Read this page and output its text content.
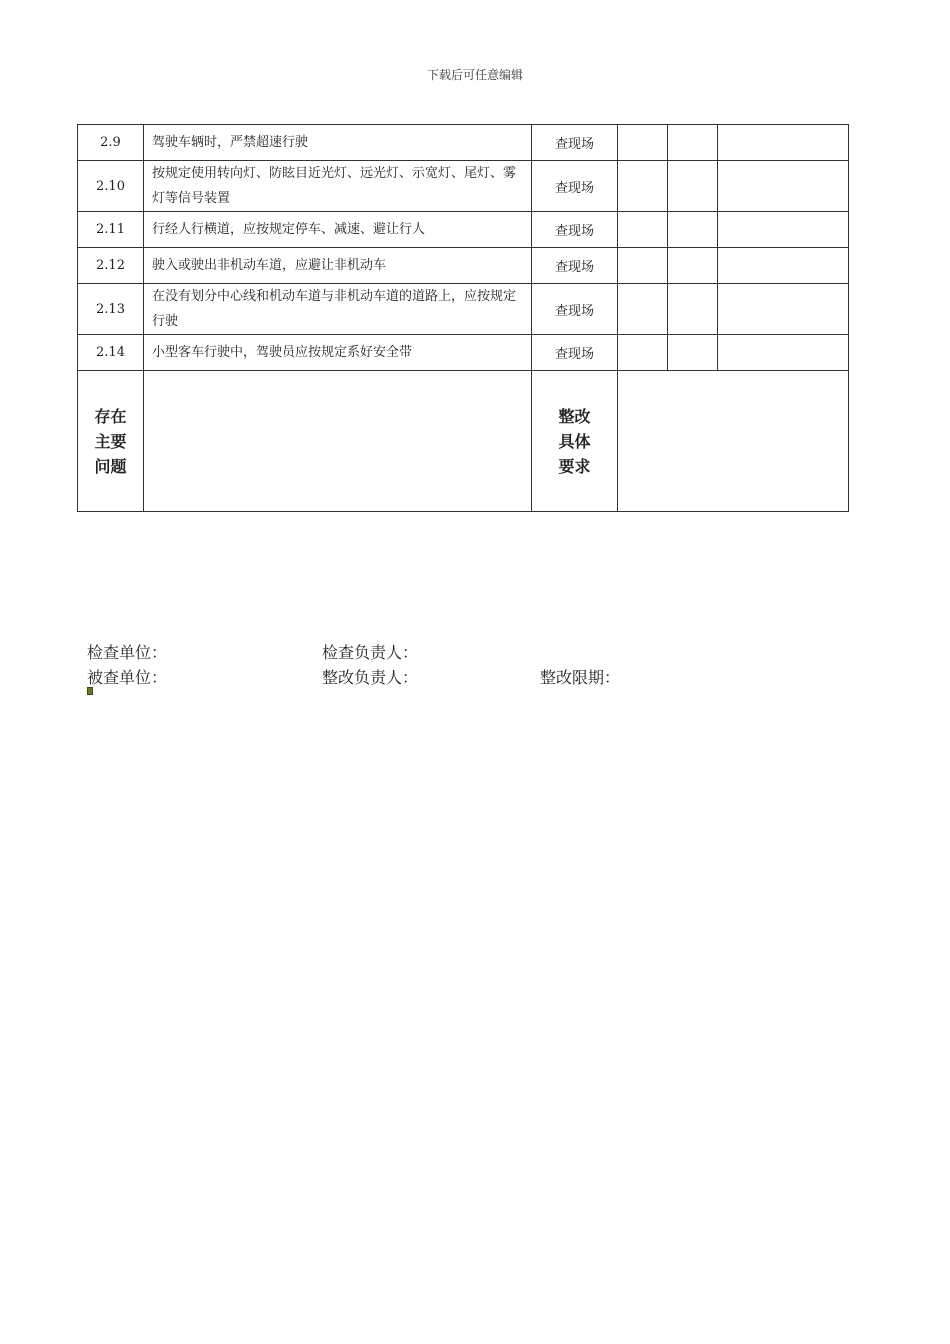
下载后可任意编辑
2.9	驾驶车辆时，严禁超速行驶	查现场			
2.10	按规定使用转向灯、防眩目近光灯、远光灯、示宽灯、尾灯、雾灯等信号装置	查现场			
2.11	行经人行横道，应按规定停车、减速、避让行人	查现场			
2.12	驶入或驶出非机动车道，应避让非机动车	查现场			
2.13	在没有划分中心线和机动车道与非机动车道的道路上，应按规定行驶	查现场			
2.14	小型客车行驶中，驾驶员应按规定系好安全带	查现场			

存在主要问题		整改具体要求			

检查单位：	检查负责人：
被查单位：	整改负责人：	整改限期：
